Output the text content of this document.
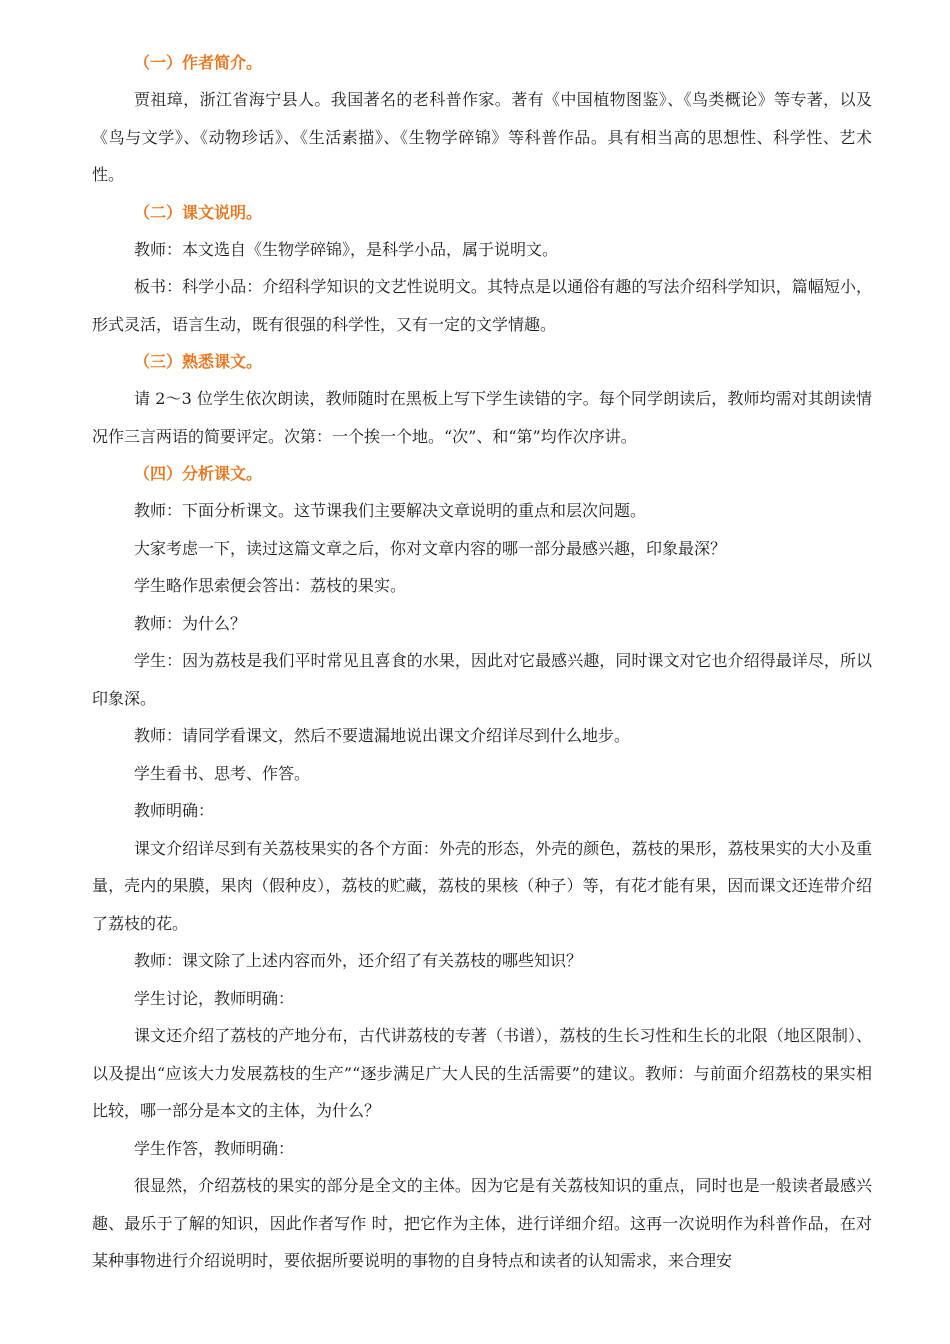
（一）作者简介。

贾祖璋，浙江省海宁县人。我国著名的老科普作家。著有《中国植物图鉴》、《鸟类概论》等专著，以及《鸟与文学》、《动物珍话》、《生活素描》、《生物学碎锦》等科普作品。具有相当高的思想性、科学性、艺术性。

（二）课文说明。

教师：本文选自《生物学碎锦》，是科学小品，属于说明文。

板书：科学小品：介绍科学知识的文艺性说明文。其特点是以通俗有趣的写法介绍科学知识，篇幅短小，形式灵活，语言生动，既有很强的科学性，又有一定的文学情趣。

（三）熟悉课文。

请 2～3 位学生依次朗读，教师随时在黑板上写下学生读错的字。每个同学朗读后，教师均需对其朗读情况作三言两语的简要评定。次第：一个挨一个地。“次”、和“第”均作次序讲。

（四）分析课文。

教师：下面分析课文。这节课我们主要解决文章说明的重点和层次问题。

大家考虑一下，读过这篇文章之后，你对文章内容的哪一部分最感兴趣，印象最深？

学生略作思索便会答出：荔枝的果实。

教师：为什么？

学生：因为荔枝是我们平时常见且喜食的水果，因此对它最感兴趣，同时课文对它也介绍得最详尽，所以印象深。

教师：请同学看课文，然后不要遗漏地说出课文介绍详尽到什么地步。

学生看书、思考、作答。

教师明确：

课文介绍详尽到有关荔枝果实的各个方面：外壳的形态，外壳的颜色，荔枝的果形，荔枝果实的大小及重量，壳内的果膜，果肉（假种皮），荔枝的贮藏，荔枝的果核（种子）等，有花才能有果，因而课文还连带介绍了荔枝的花。

教师：课文除了上述内容而外，还介绍了有关荔枝的哪些知识？

学生讨论，教师明确：

课文还介绍了荔枝的产地分布，古代讲荔枝的专著（书谱），荔枝的生长习性和生长的北限（地区限制）、以及提出“应该大力发展荔枝的生产”“逐步满足广大人民的生活需要”的建议。教师：与前面介绍荔枝的果实相比较，哪一部分是本文的主体，为什么？

学生作答，教师明确：

很显然，介绍荔枝的果实的部分是全文的主体。因为它是有关荔枝知识的重点，同时也是一般读者最感兴趣、最乐于了解的知识，因此作者写作 时，把它作为主体，进行详细介绍。这再一次说明作为科普作品，在对某种事物进行介绍说明时，要依据所要说明的事物的自身特点和读者的认知需求，来合理安
